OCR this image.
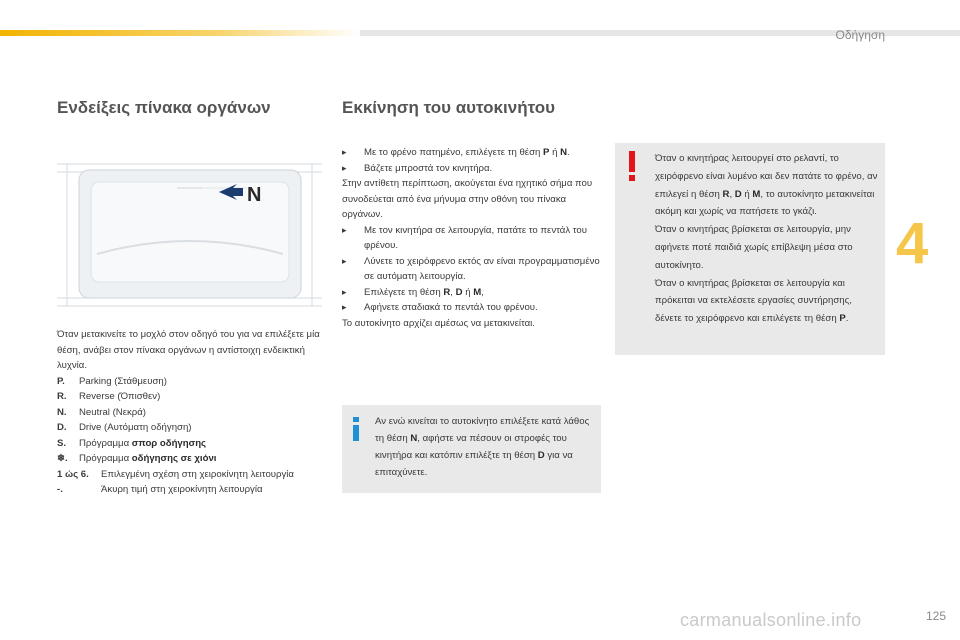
Οδήγηση
4
Ενδείξεις πίνακα οργάνων
N
Όταν μετακινείτε το μοχλό στον οδηγό του για να επιλέξετε μία θέση, ανάβει στον πίνακα οργάνων η αντίστοιχη ενδεικτική λυχνία.
P.	Parking (Στάθμευση)
R.	Reverse (Όπισθεν)
N.	Neutral (Νεκρά)
D.	Drive (Αυτόματη οδήγηση)
S.	Πρόγραμμα σπορ οδήγησης
❄.	Πρόγραμμα οδήγησης σε χιόνι
1 ώς 6.	Επιλεγμένη σχέση στη χειροκίνητη λειτουργία
-.	Άκυρη τιμή στη χειροκίνητη λειτουργία
Εκκίνηση του αυτοκινήτου
▸	Με το φρένο πατημένο, επιλέγετε τη θέση P ή N.
▸	Βάζετε μπροστά τον κινητήρα.
Στην αντίθετη περίπτωση, ακούγεται ένα ηχητικό σήμα που συνοδεύεται από ένα μήνυμα στην οθόνη του πίνακα οργάνων.
▸	Με τον κινητήρα σε λειτουργία, πατάτε το πεντάλ του φρένου.
▸	Λύνετε το χειρόφρενο εκτός αν είναι προγραμματισμένο σε αυτόματη λειτουργία.
▸	Επιλέγετε τη θέση R, D ή M,
▸	Αφήνετε σταδιακά το πεντάλ του φρένου.
Το αυτοκίνητο αρχίζει αμέσως να μετακινείται.
Αν ενώ κινείται το αυτοκίνητο επιλέξετε κατά λάθος τη θέση N, αφήστε να πέσουν οι στροφές του κινητήρα και κατόπιν επιλέξτε τη θέση D για να επιταχύνετε.
Όταν ο κινητήρας λειτουργεί στο ρελαντί, το χειρόφρενο είναι λυμένο και δεν πατάτε το φρένο, αν επιλεγεί η θέση R, D ή M, το αυτοκίνητο μετακινείται ακόμη και χωρίς να πατήσετε το γκάζι.
Όταν ο κινητήρας βρίσκεται σε λειτουργία, μην αφήνετε ποτέ παιδιά χωρίς επίβλεψη μέσα στο αυτοκίνητο.
Όταν ο κινητήρας βρίσκεται σε λειτουργία και πρόκειται να εκτελέσετε εργασίες συντήρησης, δένετε το χειρόφρενο και επιλέγετε τη θέση P.
carmanualsonline.info	125
